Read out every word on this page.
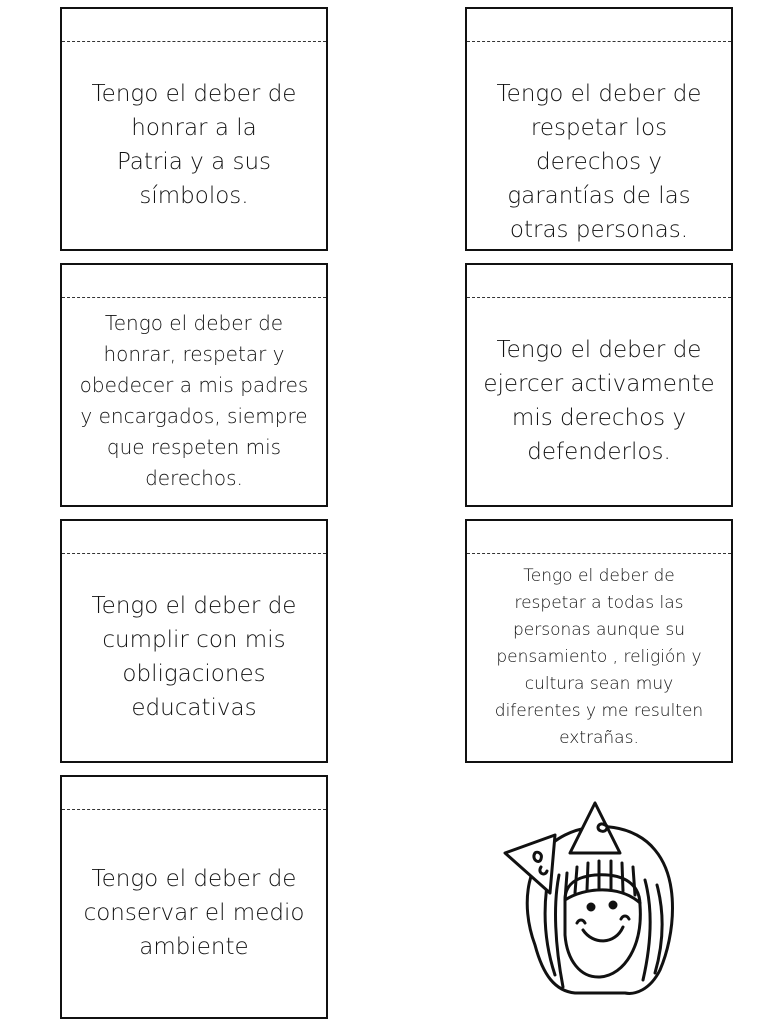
Tengo el deber de
honrar a la
Patria y a sus
símbolos.
Tengo el deber de
respetar los
derechos y
garantías de las
otras personas.
Tengo el deber de
honrar, respetar y
obedecer a mis padres
y encargados, siempre
que respeten mis
derechos.
Tengo el deber de
ejercer activamente
mis derechos y
defenderlos.
Tengo el deber de
cumplir con mis
obligaciones
educativas
Tengo el deber de
respetar a todas las
personas aunque su
pensamiento , religión y
cultura sean muy
diferentes y me resulten
extrañas.
Tengo el deber de
conservar el medio
ambiente
